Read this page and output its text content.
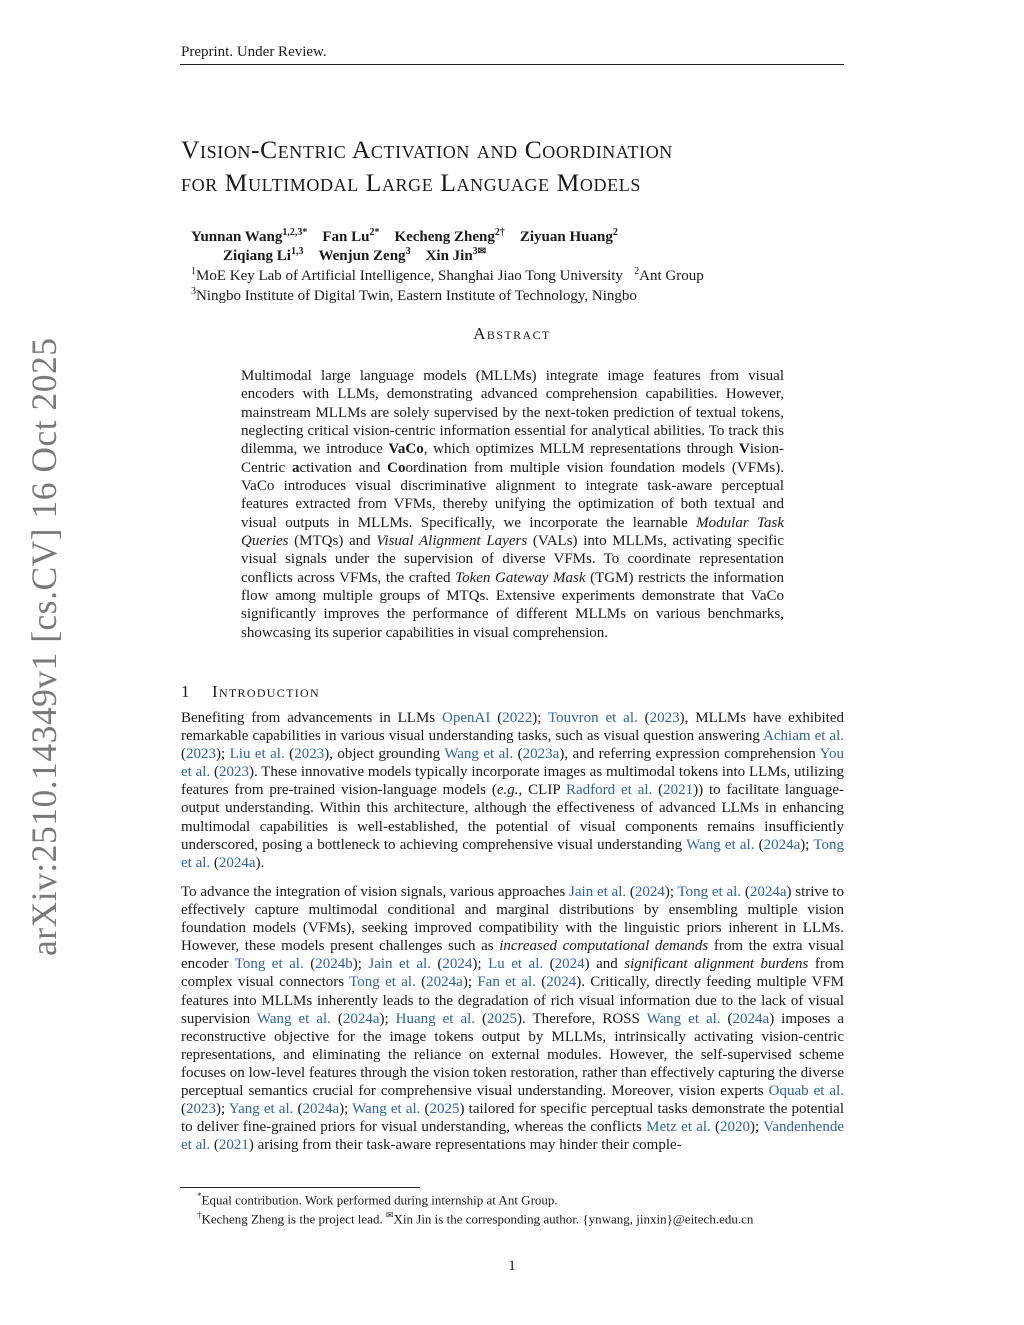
Preprint. Under Review.
arXiv:2510.14349v1 [cs.CV] 16 Oct 2025
Vision-Centric Activation and Coordination
for Multimodal Large Language Models
Yunnan Wang$^{1,2,3*}$ Fan $Lu^{2*}$ Kecheng Zheng$^{2\dagger}$ Ziyuan Huang$^2$
Ziqiang Li$^{1,3}$ Wenjun Zeng$^3$ Xin Jin$^{3✉}$
$^1$MoE Key Lab of Artificial Intelligence, Shanghai Jiao Tong University $^2$Ant Group
$^3$Ningbo Institute of Digital Twin, Eastern Institute of Technology, Ningbo
Abstract
Multimodal large language models (MLLMs) integrate image features from visual encoders with LLMs, demonstrating advanced comprehension capabilities. However, mainstream MLLMs are solely supervised by the next-token prediction of textual tokens, neglecting critical vision-centric information essential for analytical abilities. To track this dilemma, we introduce VaCo, which optimizes MLLM representations through Vision-Centric activation and Coordination from multiple vision foundation models (VFMs). VaCo introduces visual discriminative alignment to integrate task-aware perceptual features extracted from VFMs, thereby unifying the optimization of both textual and visual outputs in MLLMs. Specifically, we incorporate the learnable Modular Task Queries (MTQs) and Visual Alignment Layers (VALs) into MLLMs, activating specific visual signals under the supervision of diverse VFMs. To coordinate representation conflicts across VFMs, the crafted Token Gateway Mask (TGM) restricts the information flow among multiple groups of MTQs. Extensive experiments demonstrate that VaCo significantly improves the performance of different MLLMs on various benchmarks, showcasing its superior capabilities in visual comprehension.
1 Introduction
Benefiting from advancements in LLMs OpenAI (2022); Touvron et al. (2023), MLLMs have exhibited remarkable capabilities in various visual understanding tasks, such as visual question answering Achiam et al. (2023); Liu et al. (2023), object grounding Wang et al. (2023a), and referring expression comprehension You et al. (2023). These innovative models typically incorporate images as multimodal tokens into LLMs, utilizing features from pre-trained vision-language models (e.g., CLIP Radford et al. (2021)) to facilitate language-output understanding. Within this architecture, although the effectiveness of advanced LLMs in enhancing multimodal capabilities is well-established, the potential of visual components remains insufficiently underscored, posing a bottleneck to achieving comprehensive visual understanding Wang et al. (2024a); Tong et al. (2024a).
To advance the integration of vision signals, various approaches Jain et al. (2024); Tong et al. (2024a) strive to effectively capture multimodal conditional and marginal distributions by ensembling multiple vision foundation models (VFMs), seeking improved compatibility with the linguistic priors inherent in LLMs. However, these models present challenges such as increased computational demands from the extra visual encoder Tong et al. (2024b); Jain et al. (2024); Lu et al. (2024) and significant alignment burdens from complex visual connectors Tong et al. (2024a); Fan et al. (2024). Critically, directly feeding multiple VFM features into MLLMs inherently leads to the degradation of rich visual information due to the lack of visual supervision Wang et al. (2024a); Huang et al. (2025). Therefore, ROSS Wang et al. (2024a) imposes a reconstructive objective for the image tokens output by MLLMs, intrinsically activating vision-centric representations, and eliminating the reliance on external modules. However, the self-supervised scheme focuses on low-level features through the vision token restoration, rather than effectively capturing the diverse perceptual semantics crucial for comprehensive visual understanding. Moreover, vision experts Oquab et al. (2023); Yang et al. (2024a); Wang et al. (2025) tailored for specific perceptual tasks demonstrate the potential to deliver fine-grained priors for visual understanding, whereas the conflicts Metz et al. (2020); Vandenhende et al. (2021) arising from their task-aware representations may hinder their comple-
*Equal contribution. Work performed during internship at Ant Group.
†Kecheng Zheng is the project lead. ✉Xin Jin is the corresponding author. {ynwang, jinxin}@eitech.edu.cn
1
